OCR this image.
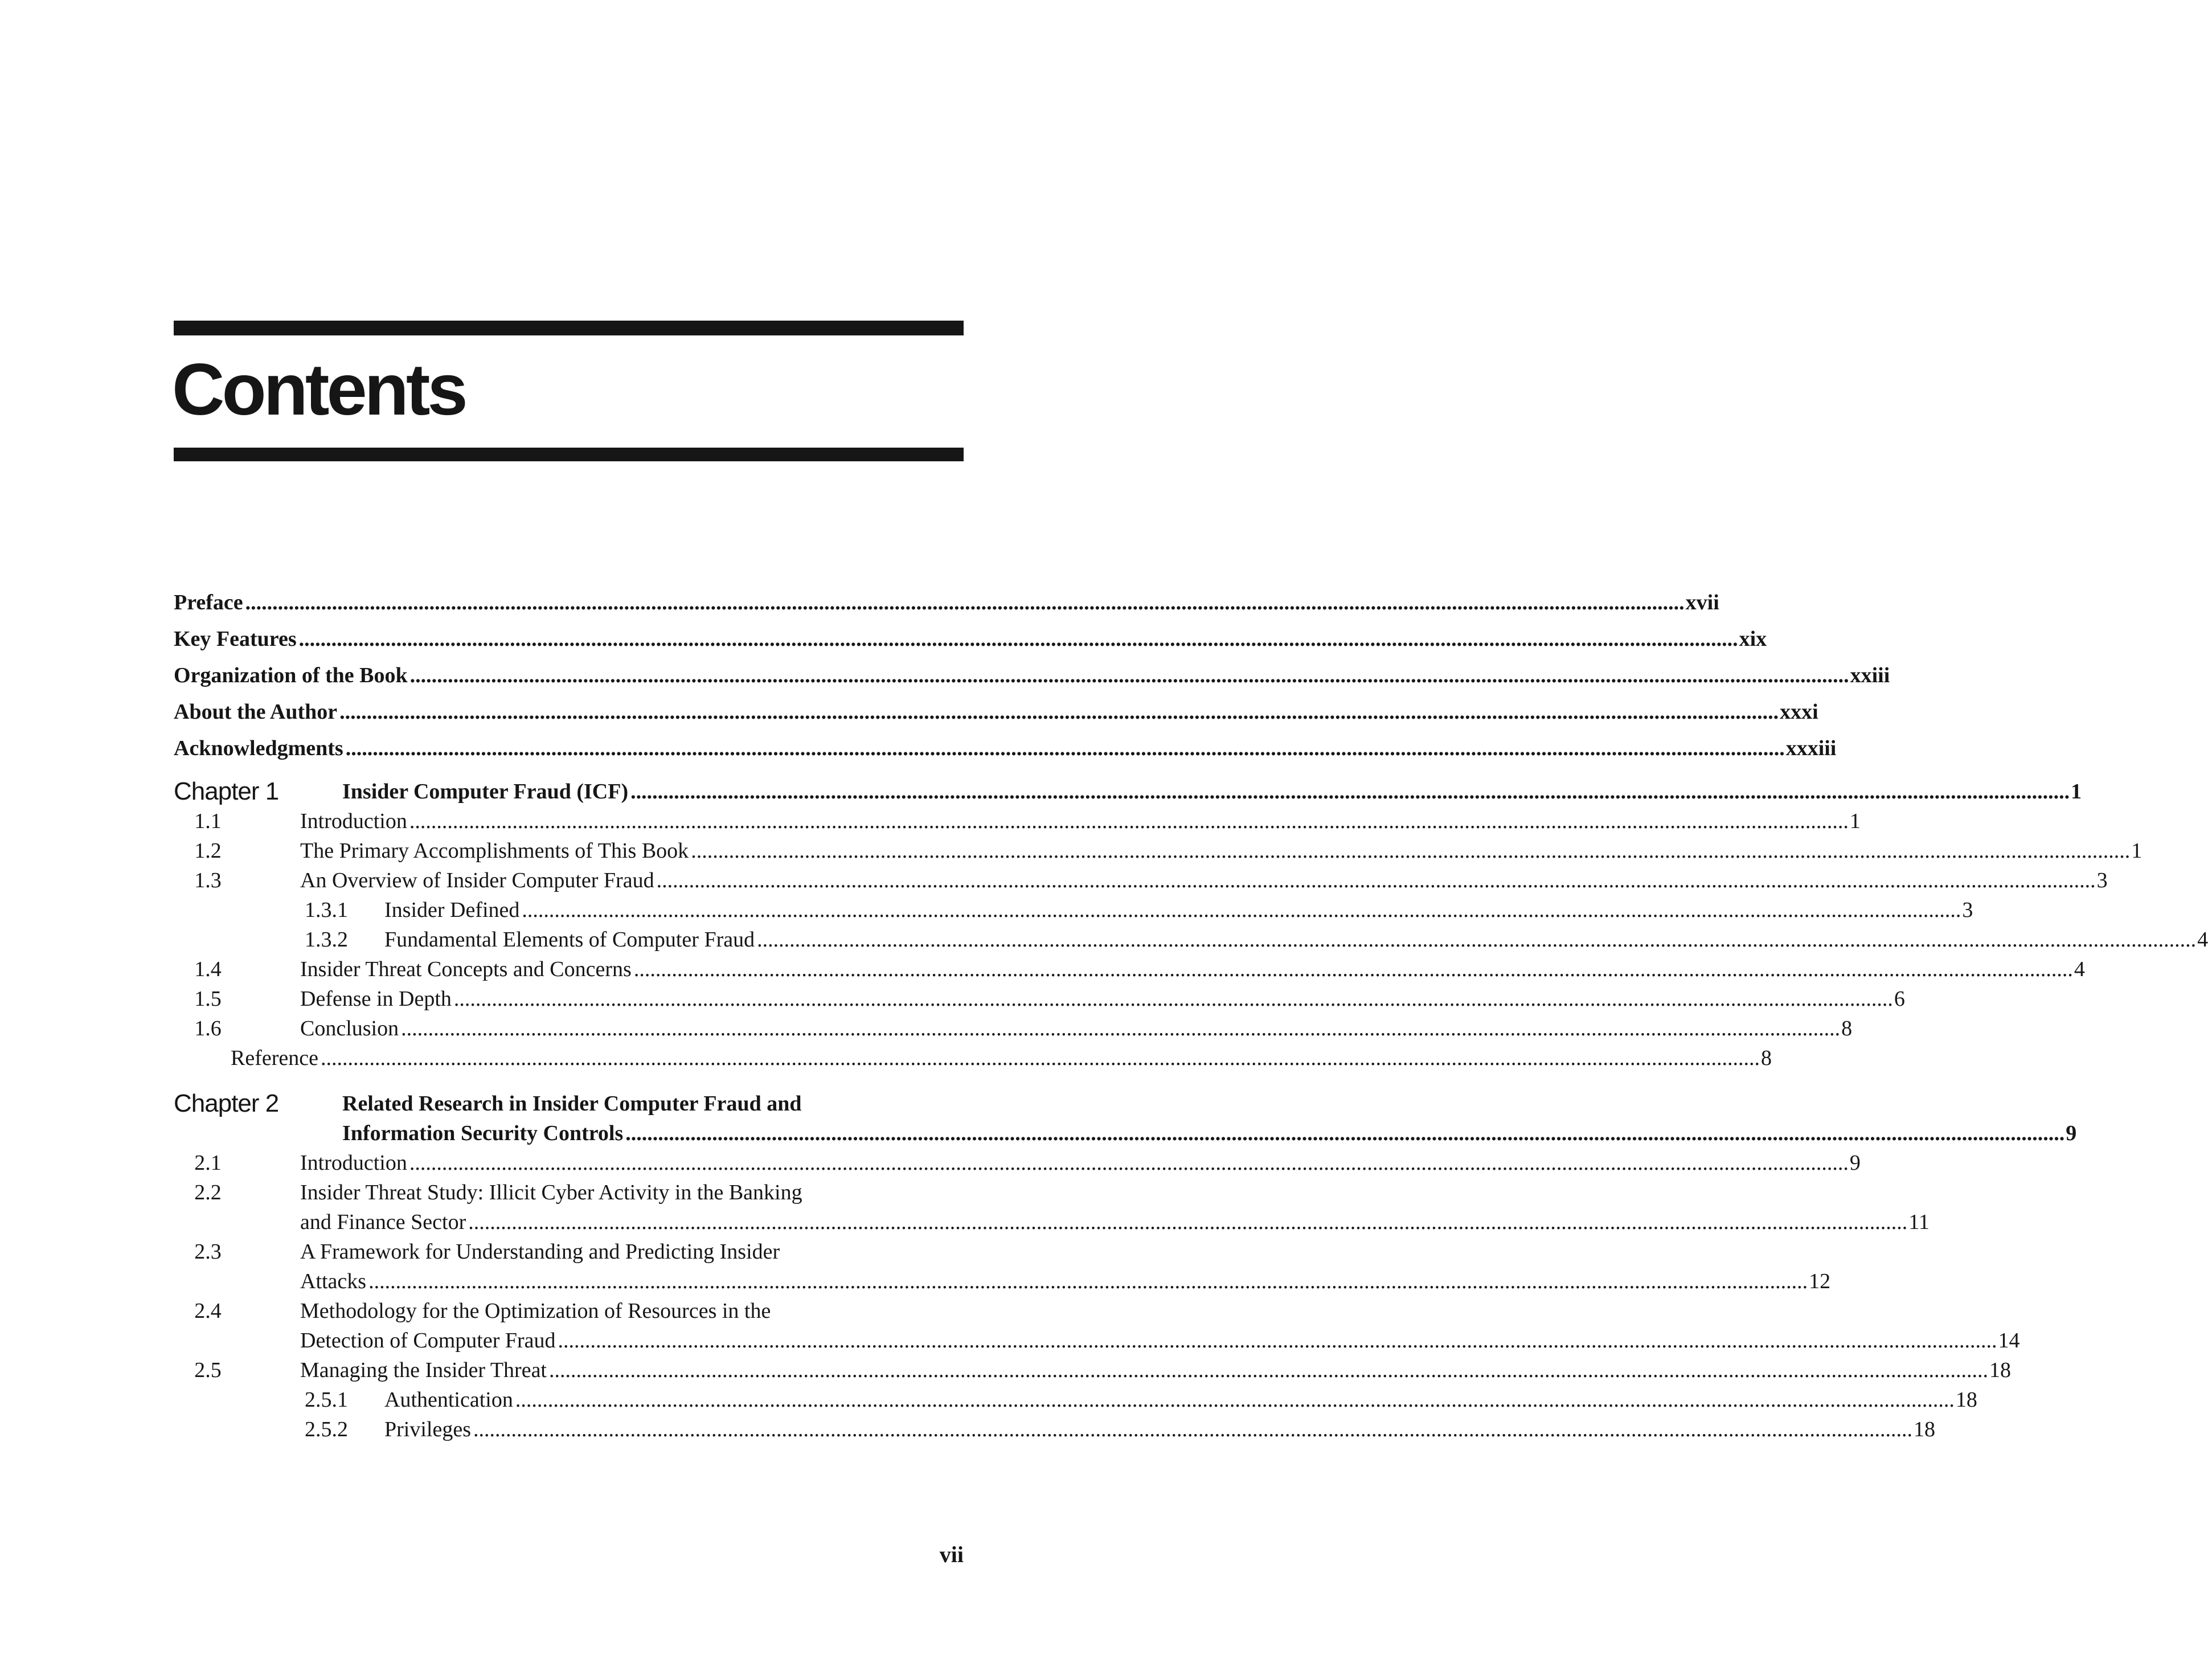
Contents
Preface .......................................................................................................................................................................................................................................................................... xvii
Key Features .......................................................................................................................................................................................................................................................................... xix
Organization of the Book .......................................................................................................................................................................................................................................................................... xxiii
About the Author .......................................................................................................................................................................................................................................................................... xxxi
Acknowledgments .......................................................................................................................................................................................................................................................................... xxxiii
Chapter 1	Insider Computer Fraud (ICF) .......................................................................................................................................................................................................................................................................... 1
1.1	Introduction .......................................................................................................................................................................................................................................................................... 1
1.2	The Primary Accomplishments of This Book .......................................................................................................................................................................................................................................................................... 1
1.3	An Overview of Insider Computer Fraud .......................................................................................................................................................................................................................................................................... 3
1.3.1	Insider Defined .......................................................................................................................................................................................................................................................................... 3
1.3.2	Fundamental Elements of Computer Fraud .......................................................................................................................................................................................................................................................................... 4
1.4	Insider Threat Concepts and Concerns .......................................................................................................................................................................................................................................................................... 4
1.5	Defense in Depth .......................................................................................................................................................................................................................................................................... 6
1.6	Conclusion .......................................................................................................................................................................................................................................................................... 8
Reference .......................................................................................................................................................................................................................................................................... 8
Chapter 2	Related Research in Insider Computer Fraud and
Information Security Controls .......................................................................................................................................................................................................................................................................... 9
2.1	Introduction .......................................................................................................................................................................................................................................................................... 9
2.2	Insider Threat Study: Illicit Cyber Activity in the Banking
and Finance Sector .......................................................................................................................................................................................................................................................................... 11
2.3	A Framework for Understanding and Predicting Insider
Attacks .......................................................................................................................................................................................................................................................................... 12
2.4	Methodology for the Optimization of Resources in the
Detection of Computer Fraud .......................................................................................................................................................................................................................................................................... 14
2.5	Managing the Insider Threat .......................................................................................................................................................................................................................................................................... 18
2.5.1	Authentication .......................................................................................................................................................................................................................................................................... 18
2.5.2	Privileges .......................................................................................................................................................................................................................................................................... 18
vii
